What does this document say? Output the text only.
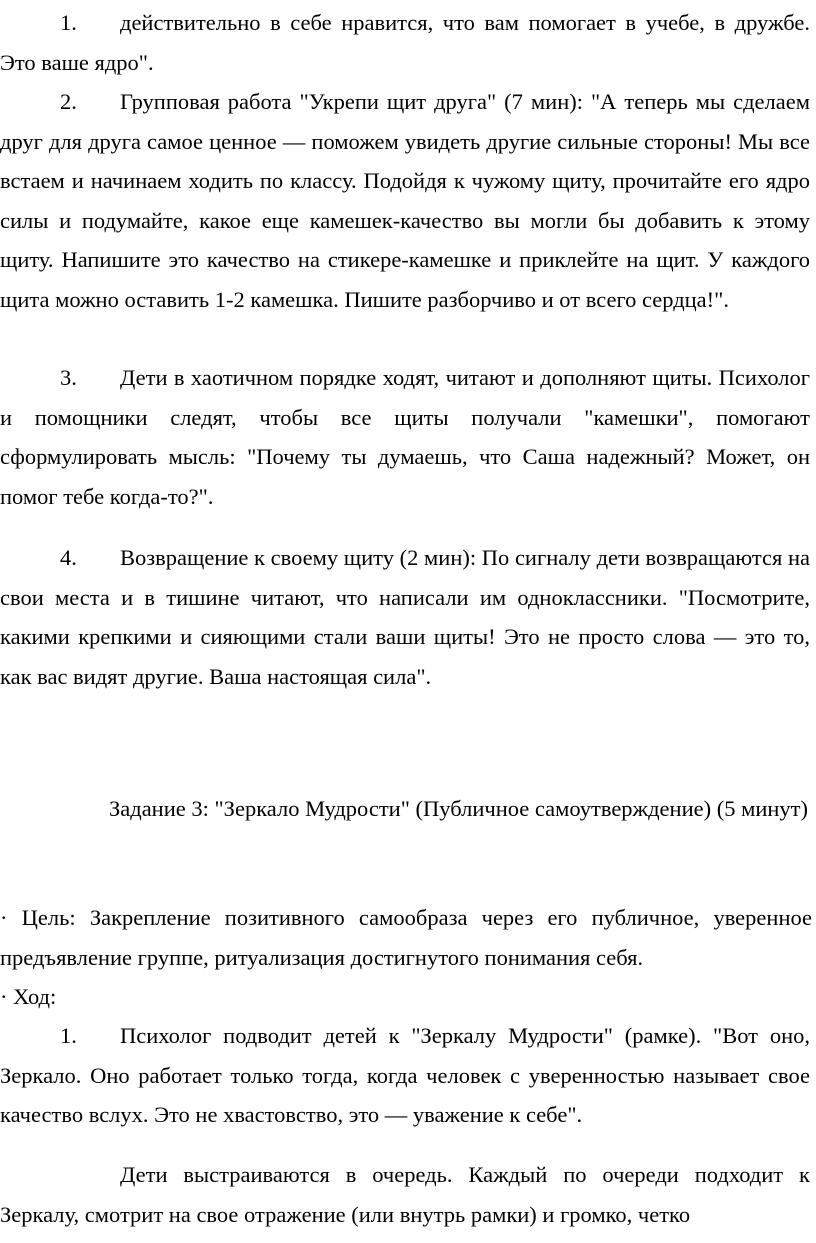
1. действительно в себе нравится, что вам помогает в учебе, в дружбе. Это ваше ядро".

2. Групповая работа "Укрепи щит друга" (7 мин): "А теперь мы сделаем друг для друга самое ценное — поможем увидеть другие сильные стороны! Мы все встаем и начинаем ходить по классу. Подойдя к чужому щиту, прочитайте его ядро силы и подумайте, какое еще камешек-качество вы могли бы добавить к этому щиту. Напишите это качество на стикере-камешке и приклейте на щит. У каждого щита можно оставить 1-2 камешка. Пишите разборчиво и от всего сердца!".

3. Дети в хаотичном порядке ходят, читают и дополняют щиты. Психолог и помощники следят, чтобы все щиты получали "камешки", помогают сформулировать мысль: "Почему ты думаешь, что Саша надежный? Может, он помог тебе когда-то?".

4. Возвращение к своему щиту (2 мин): По сигналу дети возвращаются на свои места и в тишине читают, что написали им одноклассники. "Посмотрите, какими крепкими и сияющими стали ваши щиты! Это не просто слова — это то, как вас видят другие. Ваша настоящая сила".

Задание 3: "Зеркало Мудрости" (Публичное самоутверждение) (5 минут)

· Цель: Закрепление позитивного самообраза через его публичное, уверенное предъявление группе, ритуализация достигнутого понимания себя.

· Ход:

1. Психолог подводит детей к "Зеркалу Мудрости" (рамке). "Вот оно, Зеркало. Оно работает только тогда, когда человек с уверенностью называет свое качество вслух. Это не хвастовство, это — уважение к себе".

Дети выстраиваются в очередь. Каждый по очереди подходит к Зеркалу, смотрит на свое отражение (или внутрь рамки) и громко, четко
